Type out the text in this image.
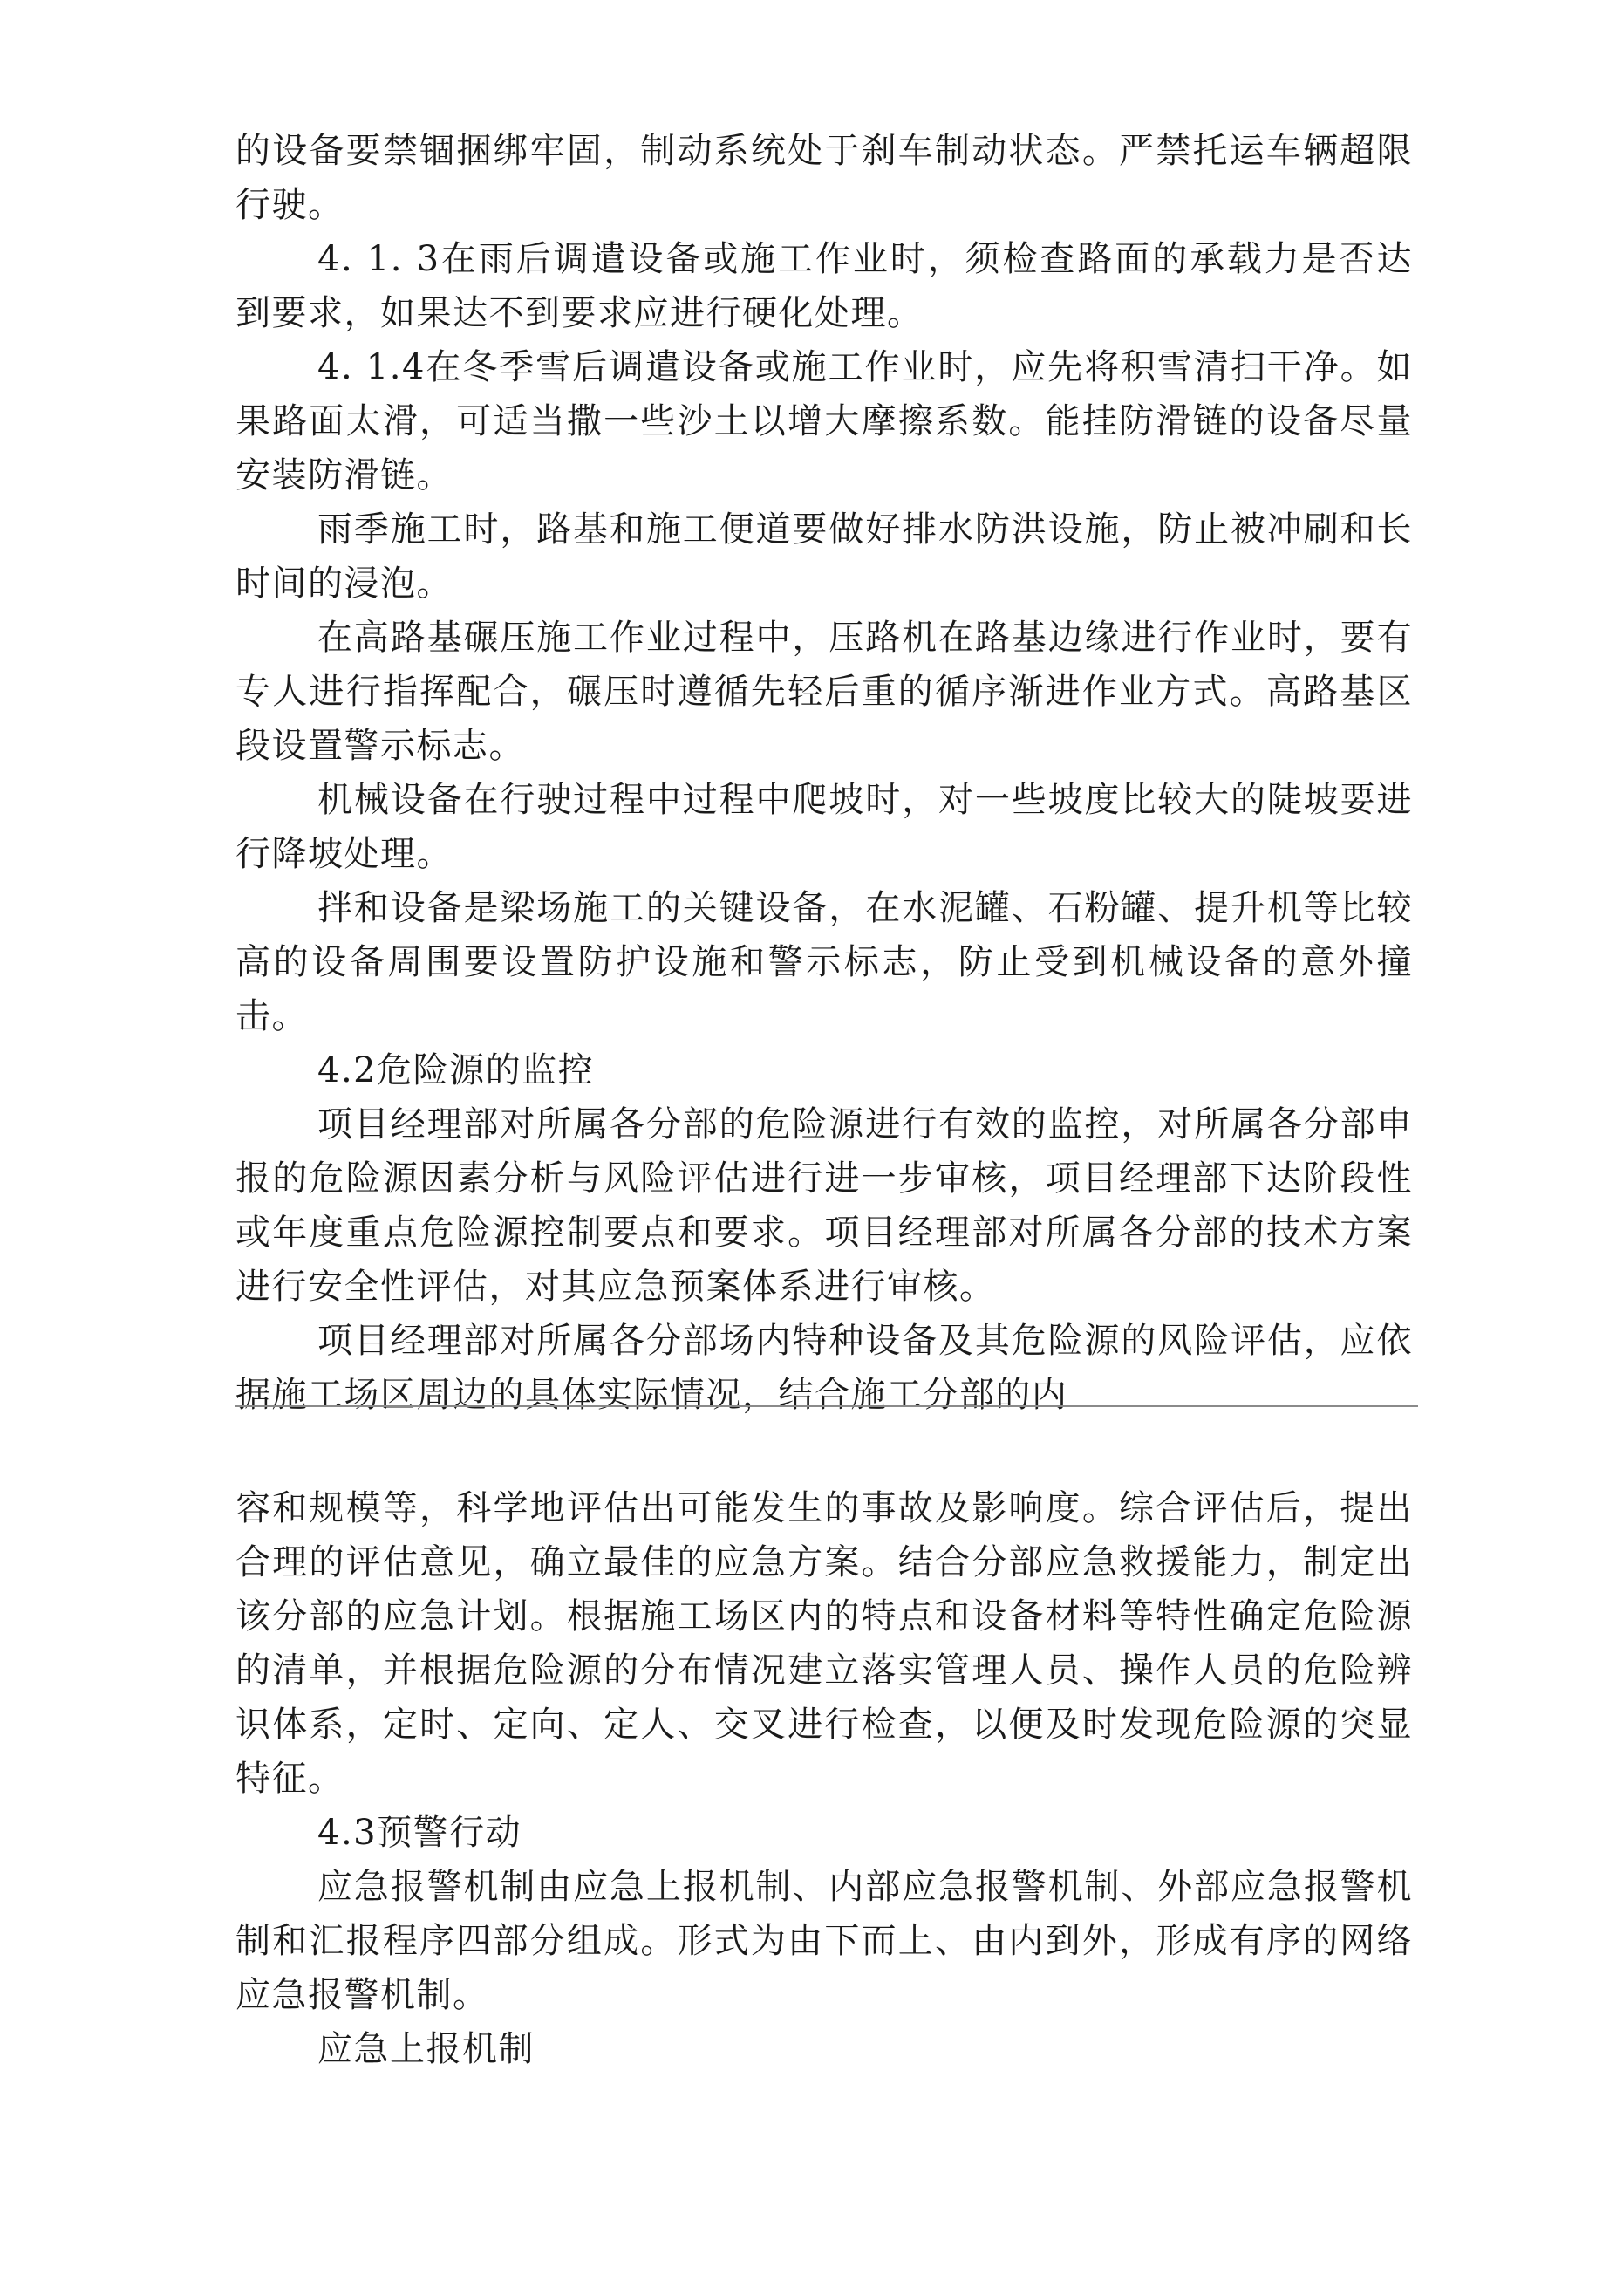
的设备要禁锢捆绑牢固，制动系统处于刹车制动状态。严禁托运车辆超限行驶。

4. 1. 3在雨后调遣设备或施工作业时，须检查路面的承载力是否达到要求，如果达不到要求应进行硬化处理。

4. 1.4在冬季雪后调遣设备或施工作业时，应先将积雪清扫干净。如果路面太滑，可适当撒一些沙土以增大摩擦系数。能挂防滑链的设备尽量安装防滑链。

雨季施工时，路基和施工便道要做好排水防洪设施，防止被冲刷和长时间的浸泡。

在高路基碾压施工作业过程中，压路机在路基边缘进行作业时，要有专人进行指挥配合，碾压时遵循先轻后重的循序渐进作业方式。高路基区段设置警示标志。

机械设备在行驶过程中过程中爬坡时，对一些坡度比较大的陡坡要进行降坡处理。

拌和设备是梁场施工的关键设备，在水泥罐、石粉罐、提升机等比较高的设备周围要设置防护设施和警示标志，防止受到机械设备的意外撞击。

4.2危险源的监控

项目经理部对所属各分部的危险源进行有效的监控，对所属各分部申报的危险源因素分析与风险评估进行进一步审核，项目经理部下达阶段性或年度重点危险源控制要点和要求。项目经理部对所属各分部的技术方案进行安全性评估，对其应急预案体系进行审核。

项目经理部对所属各分部场内特种设备及其危险源的风险评估，应依据施工场区周边的具体实际情况，结合施工分部的内

容和规模等，科学地评估出可能发生的事故及影响度。综合评估后，提出合理的评估意见，确立最佳的应急方案。结合分部应急救援能力，制定出该分部的应急计划。根据施工场区内的特点和设备材料等特性确定危险源的清单，并根据危险源的分布情况建立落实管理人员、操作人员的危险辨识体系，定时、定向、定人、交叉进行检查，以便及时发现危险源的突显特征。

4.3预警行动

应急报警机制由应急上报机制、内部应急报警机制、外部应急报警机制和汇报程序四部分组成。形式为由下而上、由内到外，形成有序的网络应急报警机制。

应急上报机制
